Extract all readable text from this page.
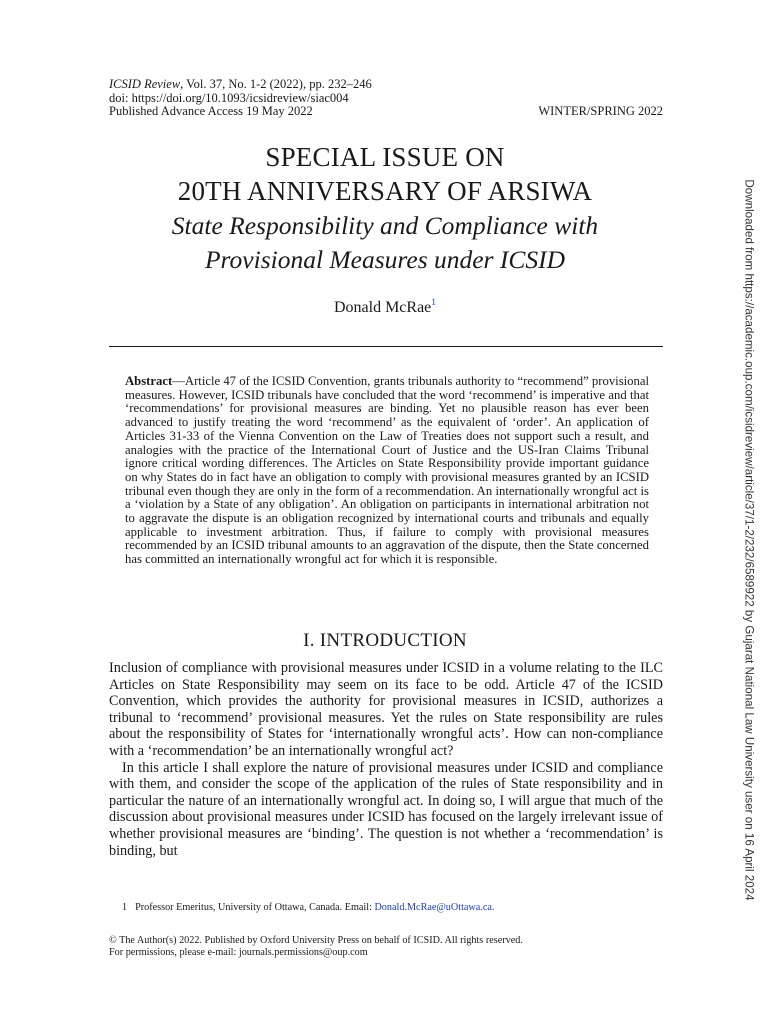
ICSID Review, Vol. 37, No. 1-2 (2022), pp. 232–246
doi: https://doi.org/10.1093/icsidreview/siac004
Published Advance Access 19 May 2022	WINTER/SPRING 2022
Downloaded from https://academic.oup.com/icsidreview/article/37/1-2/232/6589922 by Gujarat National Law University user on 16 April 2024
SPECIAL ISSUE ON
20TH ANNIVERSARY OF ARSIWA
State Responsibility and Compliance with
Provisional Measures under ICSID
Donald McRae$^1$
Abstract—Article 47 of the ICSID Convention, grants tribunals authority to “recommend” provisional measures. However, ICSID tribunals have concluded that the word ‘recommend’ is imperative and that ‘recommendations’ for provisional measures are binding. Yet no plausible reason has ever been advanced to justify treating the word ‘recommend’ as the equivalent of ‘order’. An application of Articles 31-33 of the Vienna Convention on the Law of Treaties does not support such a result, and analogies with the practice of the International Court of Justice and the US-Iran Claims Tribunal ignore critical wording differences. The Articles on State Responsibility provide important guidance on why States do in fact have an obligation to comply with provisional measures granted by an ICSID tribunal even though they are only in the form of a recommendation. An internationally wrongful act is a ‘violation by a State of any obligation’. An obligation on participants in international arbitration not to aggravate the dispute is an obligation recognized by international courts and tribunals and equally applicable to investment arbitration. Thus, if failure to comply with provisional measures recommended by an ICSID tribunal amounts to an aggravation of the dispute, then the State concerned has committed an internationally wrongful act for which it is responsible.
I. INTRODUCTION

Inclusion of compliance with provisional measures under ICSID in a volume relating to the ILC Articles on State Responsibility may seem on its face to be odd. Article 47 of the ICSID Convention, which provides the authority for provisional measures in ICSID, authorizes a tribunal to ‘recommend’ provisional measures. Yet the rules on State responsibility are rules about the responsibility of States for ‘internationally wrongful acts’. How can non-compliance with a ‘recommendation’ be an internationally wrongful act?

In this article I shall explore the nature of provisional measures under ICSID and compliance with them, and consider the scope of the application of the rules of State responsibility and in particular the nature of an internationally wrongful act. In doing so, I will argue that much of the discussion about provisional measures under ICSID has focused on the largely irrelevant issue of whether provisional measures are ‘binding’. The question is not whether a ‘recommendation’ is binding, but

1 Professor Emeritus, University of Ottawa, Canada. Email: Donald.McRae@uOttawa.ca.
© The Author(s) 2022. Published by Oxford University Press on behalf of ICSID. All rights reserved.
For permissions, please e-mail: journals.permissions@oup.com
